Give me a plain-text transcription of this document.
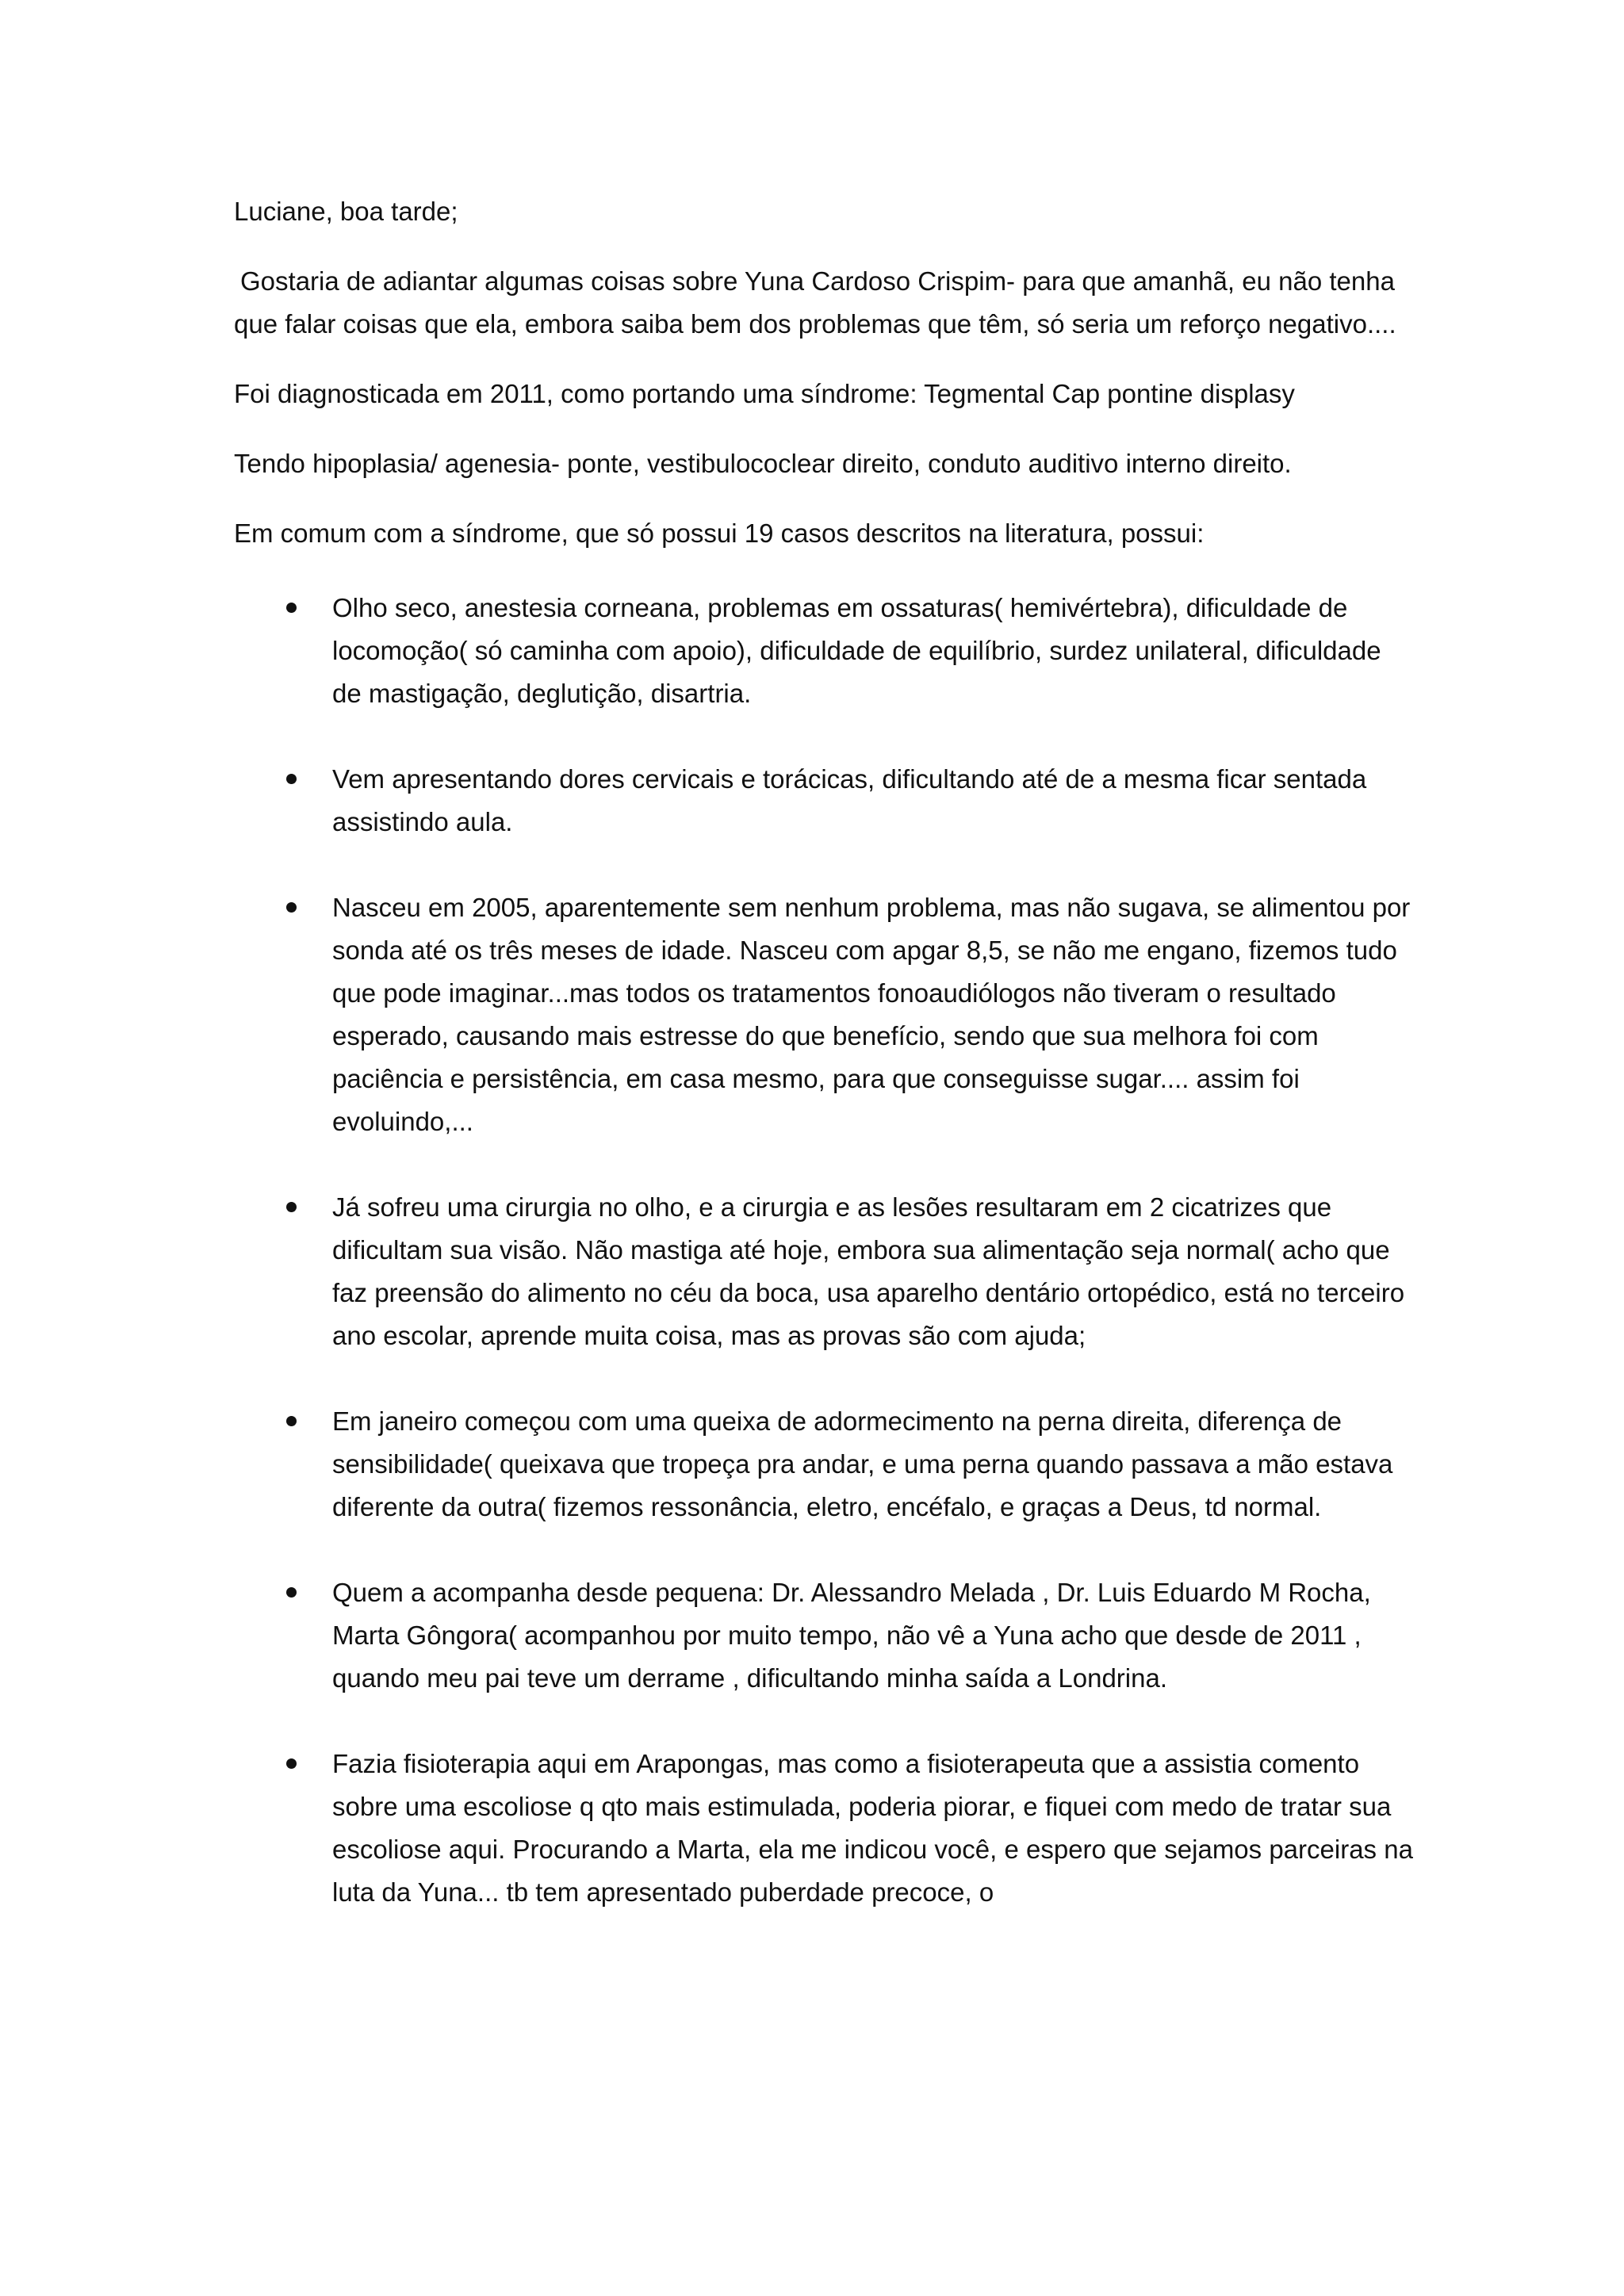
Luciane, boa tarde;

Gostaria de adiantar algumas coisas sobre Yuna Cardoso Crispim- para que amanhã, eu não tenha que falar coisas que ela, embora saiba bem dos problemas que têm, só seria um reforço negativo....

Foi diagnosticada em 2011, como portando uma síndrome: Tegmental Cap pontine displasy

Tendo hipoplasia/ agenesia- ponte, vestibulococlear direito, conduto auditivo interno direito.

Em comum com a síndrome, que só possui 19 casos descritos na literatura, possui:

Olho seco, anestesia corneana, problemas em ossaturas( hemivértebra), dificuldade de locomoção( só caminha com apoio), dificuldade de equilíbrio, surdez unilateral, dificuldade de mastigação, deglutição, disartria.
Vem apresentando dores cervicais e torácicas, dificultando até de a mesma ficar sentada assistindo aula.
Nasceu em 2005, aparentemente sem nenhum problema, mas não sugava, se alimentou por sonda até os três meses de idade. Nasceu com apgar 8,5, se não me engano, fizemos tudo que pode imaginar...mas todos os tratamentos fonoaudiólogos não tiveram o resultado esperado, causando mais estresse do que benefício, sendo que sua melhora foi com paciência e persistência, em casa mesmo, para que conseguisse sugar.... assim foi evoluindo,...
Já sofreu uma cirurgia no olho, e a cirurgia e as lesões resultaram em 2 cicatrizes que dificultam sua visão. Não mastiga até hoje, embora sua alimentação seja normal( acho que faz preensão do alimento no céu da boca, usa aparelho dentário ortopédico, está no terceiro ano escolar, aprende muita coisa, mas as provas são com ajuda;
Em janeiro começou com uma queixa de adormecimento na perna direita, diferença de sensibilidade( queixava que tropeça pra andar, e uma perna quando passava a mão estava diferente da outra( fizemos ressonância, eletro, encéfalo, e graças a Deus, td normal.
Quem a acompanha desde pequena: Dr. Alessandro Melada , Dr. Luis Eduardo M Rocha, Marta Gôngora( acompanhou por muito tempo, não vê a Yuna acho que desde de 2011 , quando meu pai teve um derrame , dificultando minha saída a Londrina.
Fazia fisioterapia aqui em Arapongas, mas como a fisioterapeuta que a assistia comento sobre uma escoliose q qto mais estimulada, poderia piorar, e fiquei com medo de tratar sua escoliose aqui. Procurando a Marta, ela me indicou você, e espero que sejamos parceiras na luta da Yuna... tb tem apresentado puberdade precoce, o
